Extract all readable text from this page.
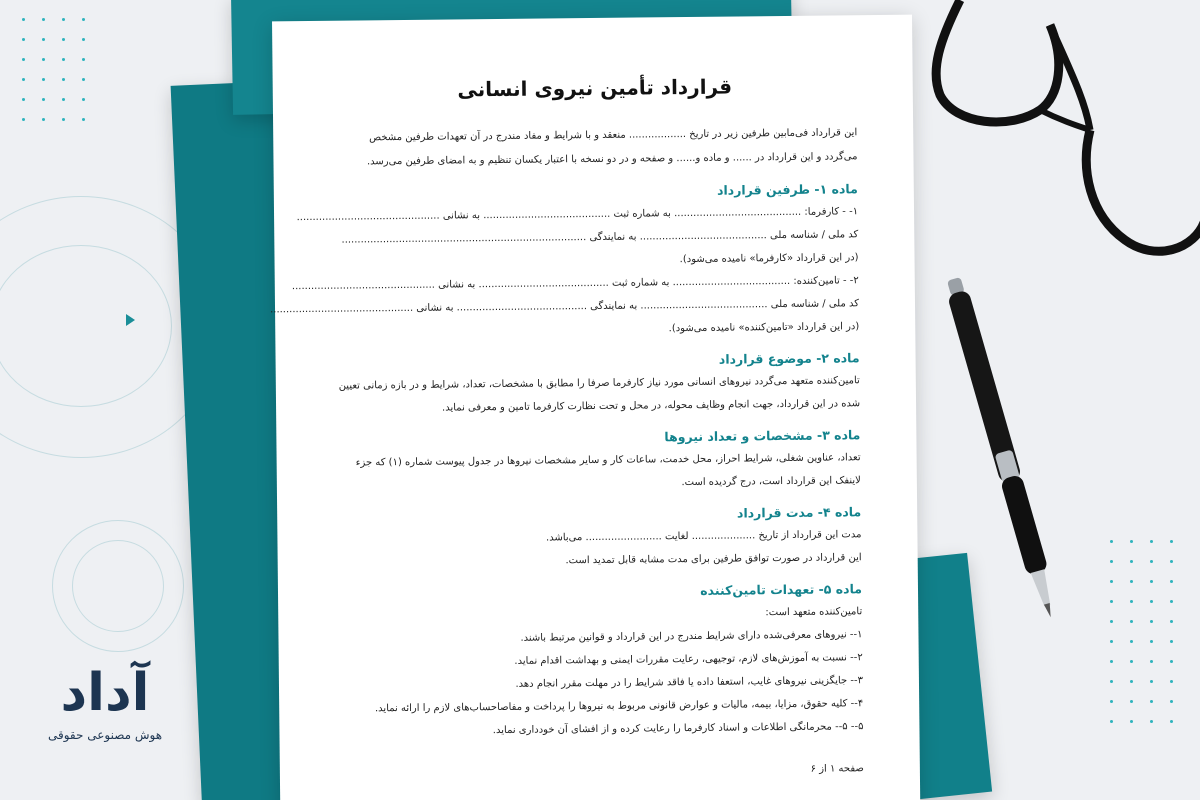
قرارداد تأمین نیروی انسانی

این قرارداد فی‌مابین طرفین زیر در تاریخ .................. منعقد و با شرایط و مفاد مندرج در آن تعهدات طرفین مشخص
می‌گردد و این قرارداد در ...... و ماده و...... و صفحه و در دو نسخه با اعتبار یکسان تنظیم و به امضای طرفین می‌رسد.

ماده ۱- طرفین قرارداد
۱- - کارفرما: ........................................ به شماره ثبت ........................................ به نشانی .............................................
کد ملی / شناسه ملی ........................................ به نمایندگی .............................................................................
(در این قرارداد «کارفرما» نامیده می‌شود).
۲- - تامین‌کننده: ..................................... به شماره ثبت ......................................... به نشانی .............................................
کد ملی / شناسه ملی ........................................ به نمایندگی ......................................... به نشانی .............................................
(در این قرارداد «تامین‌کننده» نامیده می‌شود).
ماده ۲- موضوع قرارداد
تامین‌کننده متعهد می‌گردد نیروهای انسانی مورد نیاز کارفرما صرفا را مطابق با مشخصات، تعداد، شرایط و در بازه زمانی تعیین
شده در این قرارداد، جهت انجام وظایف محوله، در محل و تحت نظارت کارفرما تامین و معرفی نماید.
ماده ۳- مشخصات و تعداد نیروها
تعداد، عناوین شغلی، شرایط احراز، محل خدمت، ساعات کار و سایر مشخصات نیروها در جدول پیوست شماره (۱) که جزء
لاینفک این قرارداد است، درج گردیده است.
ماده ۴- مدت قرارداد
مدت این قرارداد از تاریخ .................... لغایت ........................ می‌باشد.
این قرارداد در صورت توافق طرفین برای مدت مشابه قابل تمدید است.
ماده ۵- تعهدات تامین‌کننده
تامین‌کننده متعهد است:
۱-- نیروهای معرفی‌شده دارای شرایط مندرج در این قرارداد و قوانین مرتبط باشند.
۲-- نسبت به آموزش‌های لازم، توجیهی، رعایت مقررات ایمنی و بهداشت اقدام نماید.
۳-- جایگزینی نیروهای غایب، استعفا داده یا فاقد شرایط را در مهلت مقرر انجام دهد.
۴-- کلیه حقوق، مزایا، بیمه، مالیات و عوارض قانونی مربوط به نیروها را پرداخت و مفاصاحساب‌های لازم را ارائه نماید.
۵-- ۵-- محرمانگی اطلاعات و اسناد کارفرما را رعایت کرده و از افشای آن خودداری نماید.
صفحه ۱ از ۶
آداد
هوش مصنوعی حقوقی
